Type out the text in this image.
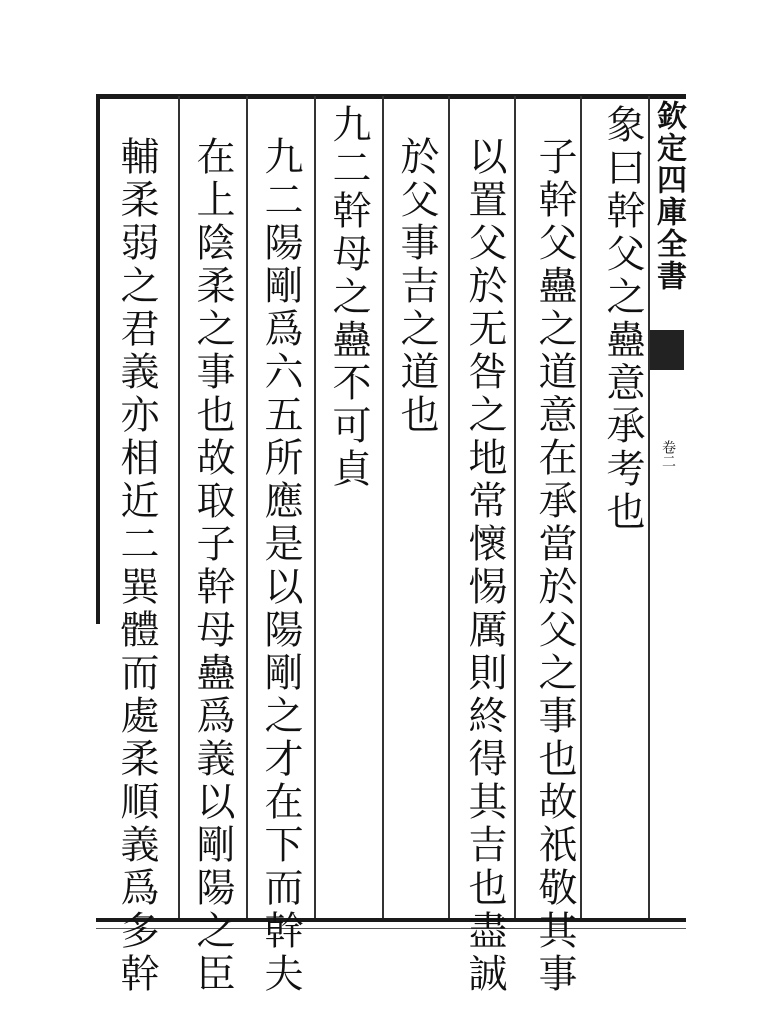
欽定四庫全書
卷二
象曰幹父之蠱意承考也
子幹父蠱之道意在承當於父之事也故祇敬其事
以置父於无咎之地常懷惕厲則終得其吉也盡誠
於父事吉之道也
九二幹母之蠱不可貞
九二陽剛爲六五所應是以陽剛之才在下而幹夫
在上陰柔之事也故取子幹母蠱爲義以剛陽之臣
輔柔弱之君義亦相近二巽體而處柔順義爲多幹
